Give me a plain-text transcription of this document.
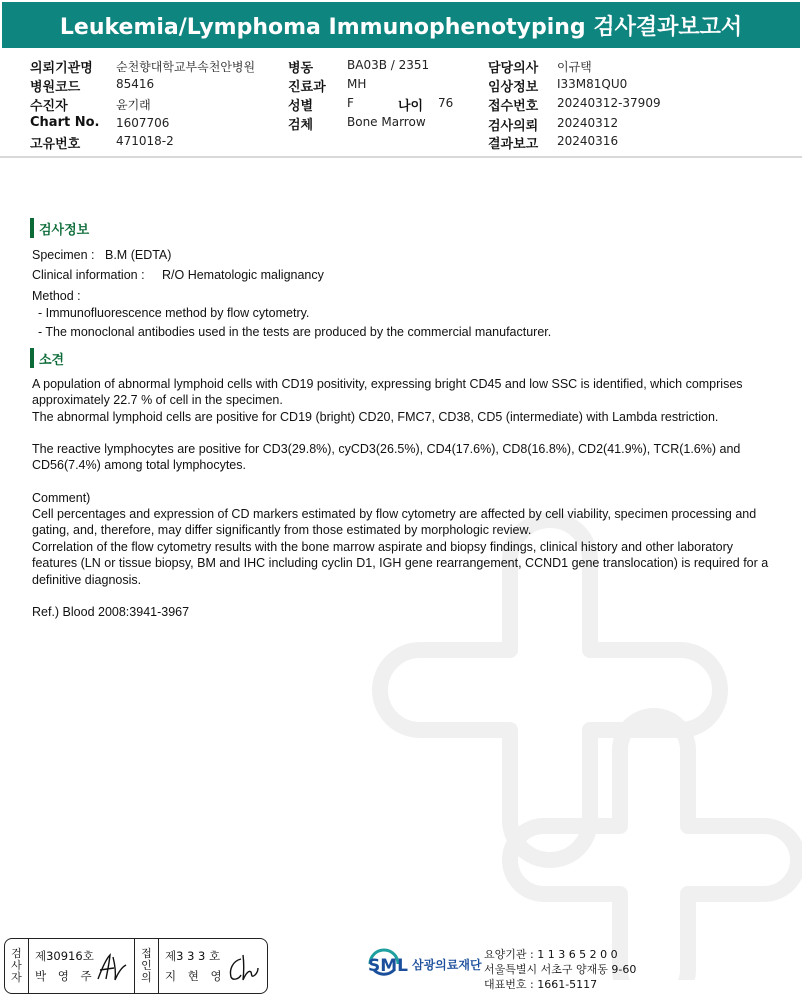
Leukemia/Lymphoma Immunophenotyping 검사결과보고서
의뢰기관명 순천향대학교부속천안병원
병원코드	85416
수진자	윤기래
Chart No. 1607706
고유번호	471018-2
병동	BA03B / 2351
진료과 MH
성별	F	나이 76
검체	Bone Marrow
담당의사 이규택
임상정보 I33M81QU0
접수번호 20240312-37909
검사의뢰 20240312
결과보고 20240316
검사정보
Specimen : B.M (EDTA)
Clinical information : R/O Hematologic malignancy
Method :
- Immunofluorescence method by flow cytometry.
- The monoclonal antibodies used in the tests are produced by the commercial manufacturer.
소견

A population of abnormal lymphoid cells with CD19 positivity, expressing bright CD45 and low SSC is identified, which comprises approximately 22.7 % of cell in the specimen.

The abnormal lymphoid cells are positive for CD19 (bright) CD20, FMC7, CD38, CD5 (intermediate) with Lambda restriction.

The reactive lymphocytes are positive for CD3(29.8%), cyCD3(26.5%), CD4(17.6%), CD8(16.8%), CD2(41.9%), TCR(1.6%) and CD56(7.4%) among total lymphocytes.

Comment)

Cell percentages and expression of CD markers estimated by flow cytometry are affected by cell viability, specimen processing and gating, and, therefore, may differ significantly from those estimated by morphologic review.

Correlation of the flow cytometry results with the bone marrow aspirate and biopsy findings, clinical history and other laboratory features (LN or tissue biopsy, BM and IHC including cyclin D1, IGH gene rearrangement, CCND1 gene translocation) is required for a definitive diagnosis.

Ref.) Blood 2008:3941-3967

검
사
자
제30916호
박 영 주
접
인
의
제3 3 3 호
지 현 영	SML 삼광의료재단
요양기관 : 1 1 3 6 5 2 0 0
서울특별시 서초구 양재동 9-60
대표번호 : 1661-5117
